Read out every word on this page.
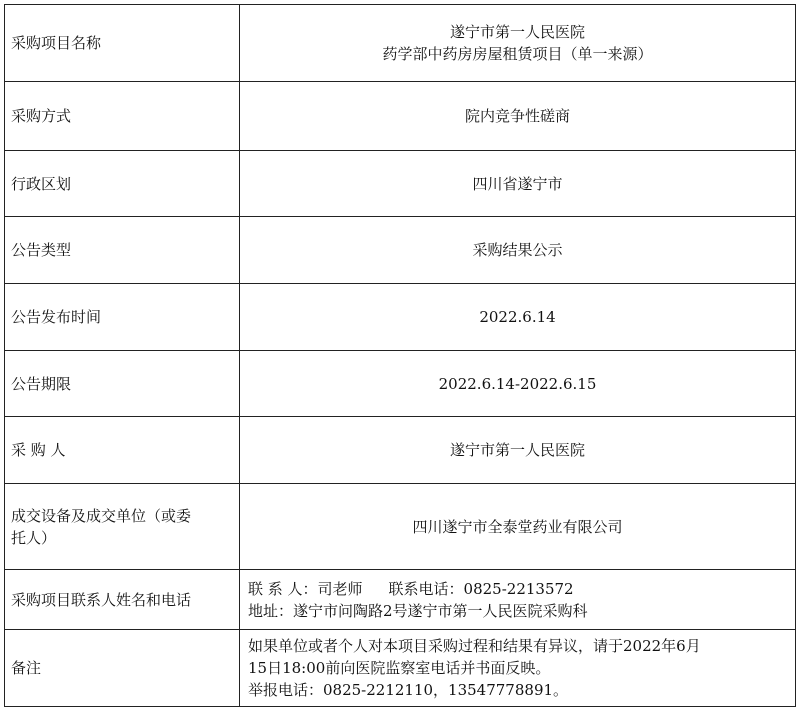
采购项目名称	遂宁市第一人民医院
药学部中药房房屋租赁项目（单一来源）

采购方式	院内竞争性磋商
行政区划	四川省遂宁市
公告类型	采购结果公示
公告发布时间	2022.6.14
公告期限	2022.6.14-2022.6.15
采 购 人	遂宁市第一人民医院

成交设备及成交单位（或委
托人）	四川遂宁市全泰堂药业有限公司
采购项目联系人姓名和电话	联 系 人：司老师 联系电话：0825-2213572
地址：遂宁市问陶路2号遂宁市第一人民医院采购科

备注	如果单位或者个人对本项目采购过程和结果有异议，请于2022年6月
15日18:00前向医院监察室电话并书面反映。
举报电话：0825-2212110，13547778891。
